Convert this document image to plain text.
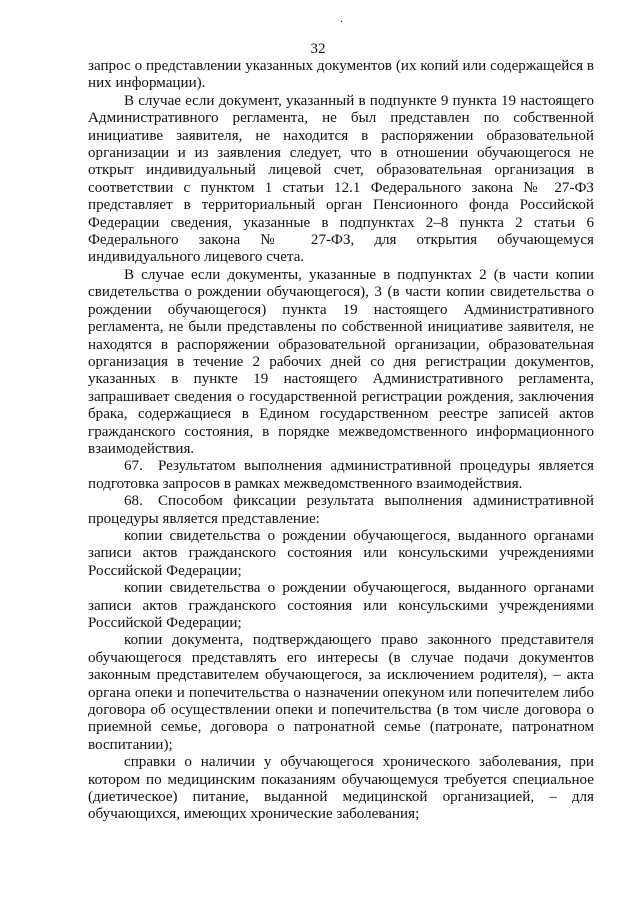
·
32

запрос о представлении указанных документов (их копий или содержащейся в них информации).

В случае если документ, указанный в подпункте 9 пункта 19 настоящего Административного регламента, не был представлен по собственной инициативе заявителя, не находится в распоряжении образовательной организации и из заявления следует, что в отношении обучающегося не открыт индивидуальный лицевой счет, образовательная организация в соответствии с пунктом 1 статьи 12.1 Федерального закона № 27-ФЗ представляет в территориальный орган Пенсионного фонда Российской Федерации сведения, указанные в подпунктах 2–8 пункта 2 статьи 6 Федерального закона № 27-ФЗ, для открытия обучающемуся индивидуального лицевого счета.

В случае если документы, указанные в подпунктах 2 (в части копии свидетельства о рождении обучающегося), 3 (в части копии свидетельства о рождении обучающегося) пункта 19 настоящего Административного регламента, не были представлены по собственной инициативе заявителя, не находятся в распоряжении образовательной организации, образовательная организация в течение 2 рабочих дней со дня регистрации документов, указанных в пункте 19 настоящего Административного регламента, запрашивает сведения о государственной регистрации рождения, заключения брака, содержащиеся в Едином государственном реестре записей актов гражданского состояния, в порядке межведомственного информационного взаимодействия.

67. Результатом выполнения административной процедуры является подготовка запросов в рамках межведомственного взаимодействия.

68. Способом фиксации результата выполнения административной процедуры является представление:

копии свидетельства о рождении обучающегося, выданного органами записи актов гражданского состояния или консульскими учреждениями Российской Федерации;

копии свидетельства о рождении обучающегося, выданного органами записи актов гражданского состояния или консульскими учреждениями Российской Федерации;

копии документа, подтверждающего право законного представителя обучающегося представлять его интересы (в случае подачи документов законным представителем обучающегося, за исключением родителя), – акта органа опеки и попечительства о назначении опекуном или попечителем либо договора об осуществлении опеки и попечительства (в том числе договора о приемной семье, договора о патронатной семье (патронате, патронатном воспитании);

справки о наличии у обучающегося хронического заболевания, при котором по медицинским показаниям обучающемуся требуется специальное (диетическое) питание, выданной медицинской организацией, – для обучающихся, имеющих хронические заболевания;
